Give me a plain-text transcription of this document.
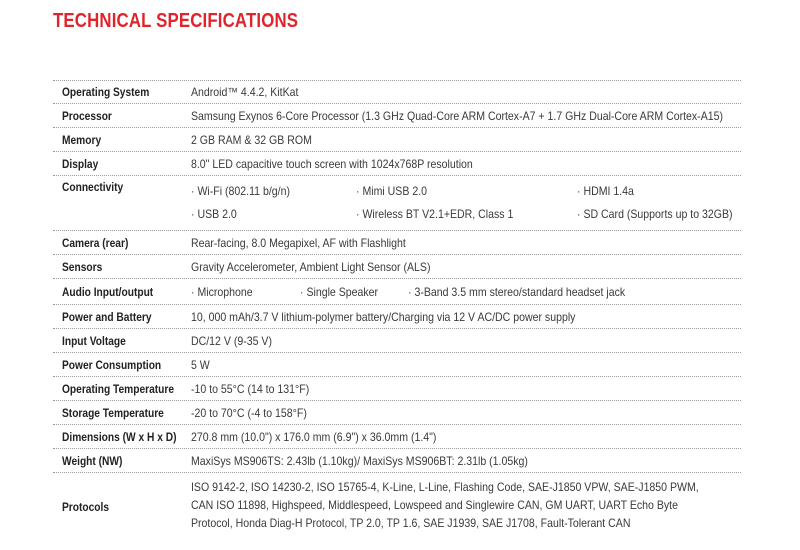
TECHNICAL SPECIFICATIONS
Operating System	Android™ 4.4.2, KitKat
Processor	Samsung Exynos 6-Core Processor (1.3 GHz Quad-Core ARM Cortex-A7 + 1.7 GHz Dual-Core ARM Cortex-A15)
Memory	2 GB RAM & 32 GB ROM
Display	8.0" LED capacitive touch screen with 1024x768P resolution
Connectivity	· Wi-Fi (802.11 b/g/n)	· Mimi USB 2.0	· HDMI 1.4a
· USB 2.0	· Wireless BT V2.1+EDR, Class 1	· SD Card (Supports up to 32GB)
Camera (rear)	Rear-facing, 8.0 Megapixel, AF with Flashlight
Sensors	Gravity Accelerometer, Ambient Light Sensor (ALS)
Audio Input/output	· Microphone	· Single Speaker · 3-Band 3.5 mm stereo/standard headset jack
Power and Battery	10, 000 mAh/3.7 V lithium-polymer battery/Charging via 12 V AC/DC power supply
Input Voltage	DC/12 V (9-35 V)
Power Consumption 5 W
Operating Temperature -10 to 55°C (14 to 131°F)
Storage Temperature -20 to 70°C (-4 to 158°F)
Dimensions (W x H x D) 270.8 mm (10.0") x 176.0 mm (6.9") x 36.0mm (1.4")
Weight (NW)	MaxiSys MS906TS: 2.43lb (1.10kg)/ MaxiSys MS906BT: 2.31lb (1.05kg)
Protocols
ISO 9142-2, ISO 14230-2, ISO 15765-4, K-Line, L-Line, Flashing Code, SAE-J1850 VPW, SAE-J1850 PWM,
CAN ISO 11898, Highspeed, Middlespeed, Lowspeed and Singlewire CAN, GM UART, UART Echo Byte
Protocol, Honda Diag-H Protocol, TP 2.0, TP 1.6, SAE J1939, SAE J1708, Fault-Tolerant CAN
